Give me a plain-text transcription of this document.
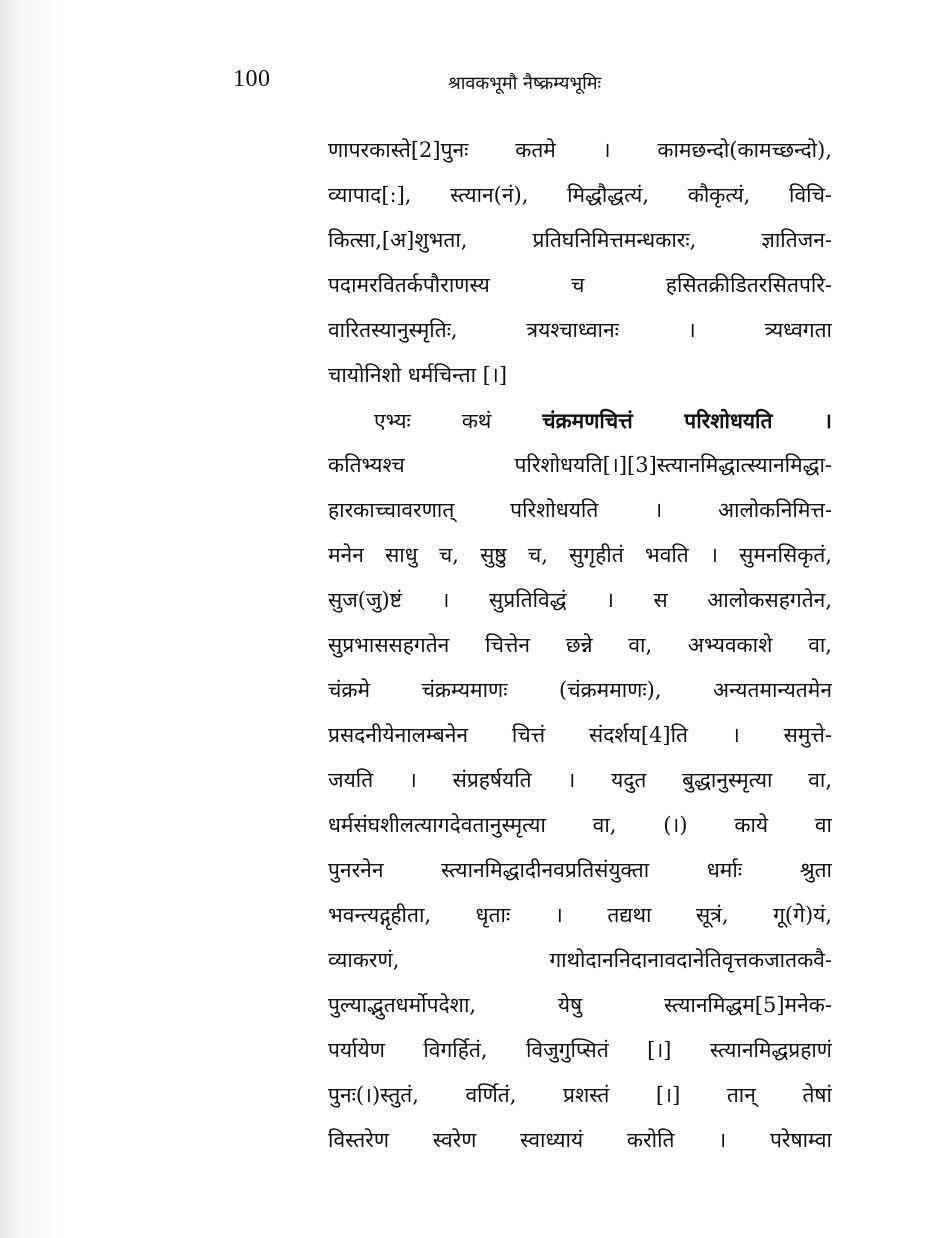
100	श्रावकभूमौ नैष्क्रम्यभूमिः
णापरकास्ते[2]पुनः कतमे । कामछन्दो(कामच्छन्दो),
व्यापाद[:], स्त्यान(नं), मिद्धौद्धत्यं, कौकृत्यं, विचि-
कित्सा,[अ]शुभता, प्रतिघनिमित्तमन्धकारः, ज्ञातिजन-
पदामरवितर्कपौराणस्य च हसितक्रीडितरसितपरि-
वारितस्यानुस्मृतिः, त्रयश्चाध्वानः । त्र्यध्वगता
चायोनिशो धर्मचिन्ता [।]
एभ्यः कथं चंक्रमणचित्तं परिशोधयति ।
कतिभ्यश्च परिशोधयति[।][3]स्त्यानमिद्धात्स्यानमिद्धा-
हारकाच्चावरणात् परिशोधयति । आलोकनिमित्त-
मनेन साधु च, सुष्ठु च, सुगृहीतं भवति । सुमनसिकृतं,
सुज(जु)ष्टं । सुप्रतिविद्धं । स आलोकसहगतेन,
सुप्रभाससहगतेन चित्तेन छन्ने वा, अभ्यवकाशे वा,
चंक्रमे चंक्रम्यमाणः (चंक्रममाणः), अन्यतमान्यतमेन
प्रसदनीयेनालम्बनेन चित्तं संदर्शय[4]ति । समुत्ते-
जयति । संप्रहर्षयति । यदुत बुद्धानुस्मृत्या वा,
धर्मसंघशीलत्यागदेवतानुस्मृत्या वा, (।) काये वा
पुनरनेन स्त्यानमिद्धादीनवप्रतिसंयुक्ता धर्माः श्रुता
भवन्त्यद्गृहीता, धृताः । तद्यथा सूत्रं, गू(गे)यं,
व्याकरणं, गाथोदाननिदानावदानेतिवृत्तकजातकवै-
पुल्याद्भुतधर्मोपदेशा, येषु स्त्यानमिद्धम[5]मनेक-
पर्यायेण विगर्हितं, विजुगुप्सितं [।] स्त्यानमिद्धप्रहाणं
पुनः(।)स्तुतं, वर्णितं, प्रशस्तं [।] तान् तेषां
विस्तरेण स्वरेण स्वाध्यायं करोति । परेषाम्वा
